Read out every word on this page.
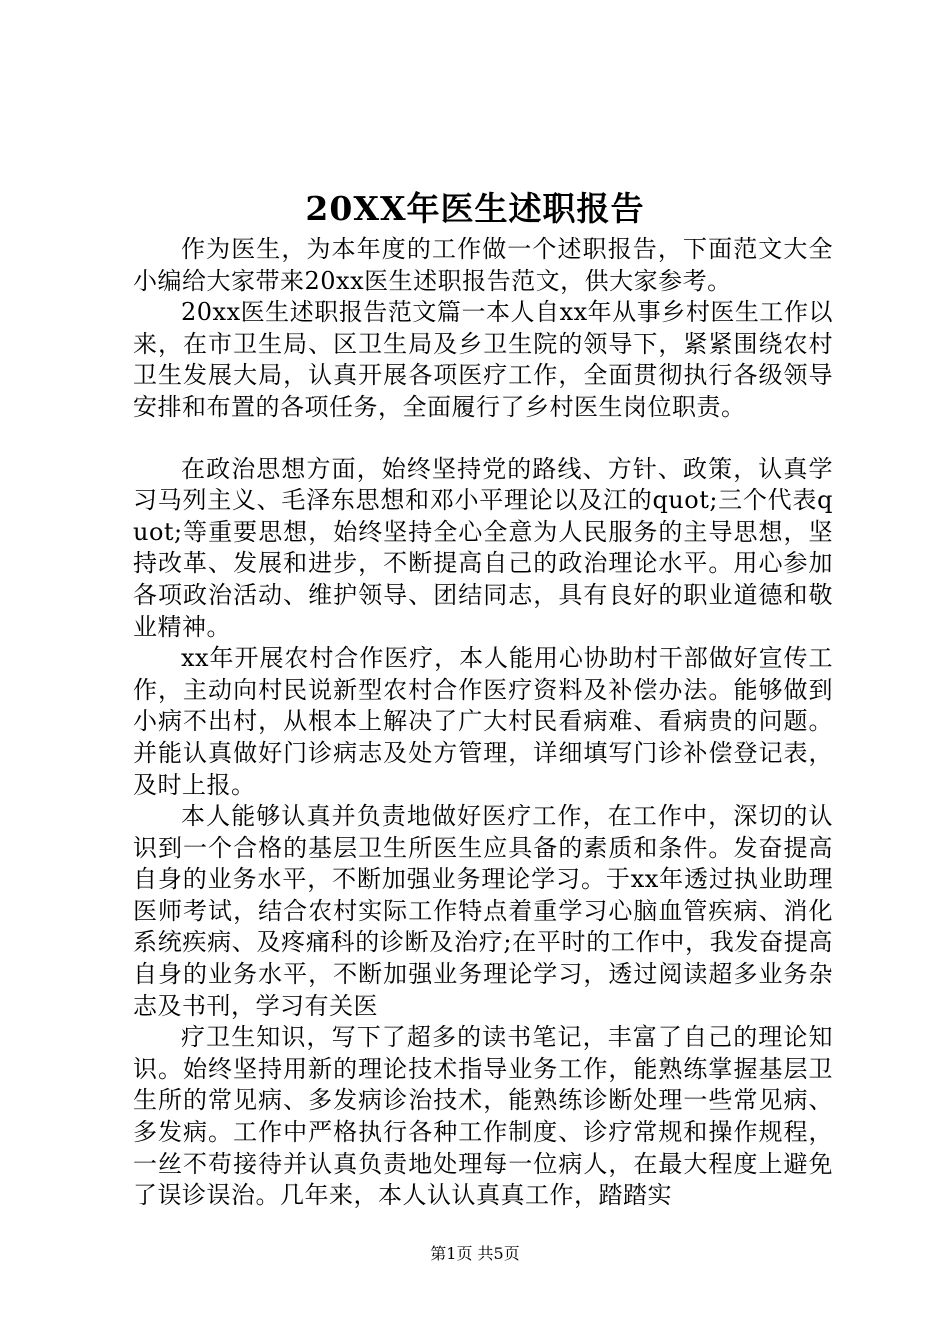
20XX年医生述职报告

作为医生，为本年度的工作做一个述职报告，下面范文大全小编给大家带来20xx医生述职报告范文，供大家参考。

20xx医生述职报告范文篇一本人自xx年从事乡村医生工作以来，在市卫生局、区卫生局及乡卫生院的领导下，紧紧围绕农村卫生发展大局，认真开展各项医疗工作，全面贯彻执行各级领导安排和布置的各项任务，全面履行了乡村医生岗位职责。

在政治思想方面，始终坚持党的路线、方针、政策，认真学习马列主义、毛泽东思想和邓小平理论以及江的quot;三个代表quot;等重要思想，始终坚持全心全意为人民服务的主导思想，坚持改革、发展和进步，不断提高自己的政治理论水平。用心参加各项政治活动、维护领导、团结同志，具有良好的职业道德和敬业精神。

xx年开展农村合作医疗，本人能用心协助村干部做好宣传工作，主动向村民说新型农村合作医疗资料及补偿办法。能够做到小病不出村，从根本上解决了广大村民看病难、看病贵的问题。并能认真做好门诊病志及处方管理，详细填写门诊补偿登记表，及时上报。

本人能够认真并负责地做好医疗工作，在工作中，深切的认识到一个合格的基层卫生所医生应具备的素质和条件。发奋提高自身的业务水平，不断加强业务理论学习。于xx年透过执业助理医师考试，结合农村实际工作特点着重学习心脑血管疾病、消化系统疾病、及疼痛科的诊断及治疗;在平时的工作中，我发奋提高自身的业务水平，不断加强业务理论学习，透过阅读超多业务杂志及书刊，学习有关医

疗卫生知识，写下了超多的读书笔记，丰富了自己的理论知识。始终坚持用新的理论技术指导业务工作，能熟练掌握基层卫生所的常见病、多发病诊治技术，能熟练诊断处理一些常见病、多发病。工作中严格执行各种工作制度、诊疗常规和操作规程，一丝不苟接待并认真负责地处理每一位病人，在最大程度上避免了误诊误治。几年来，本人认认真真工作，踏踏实

第1页 共5页
